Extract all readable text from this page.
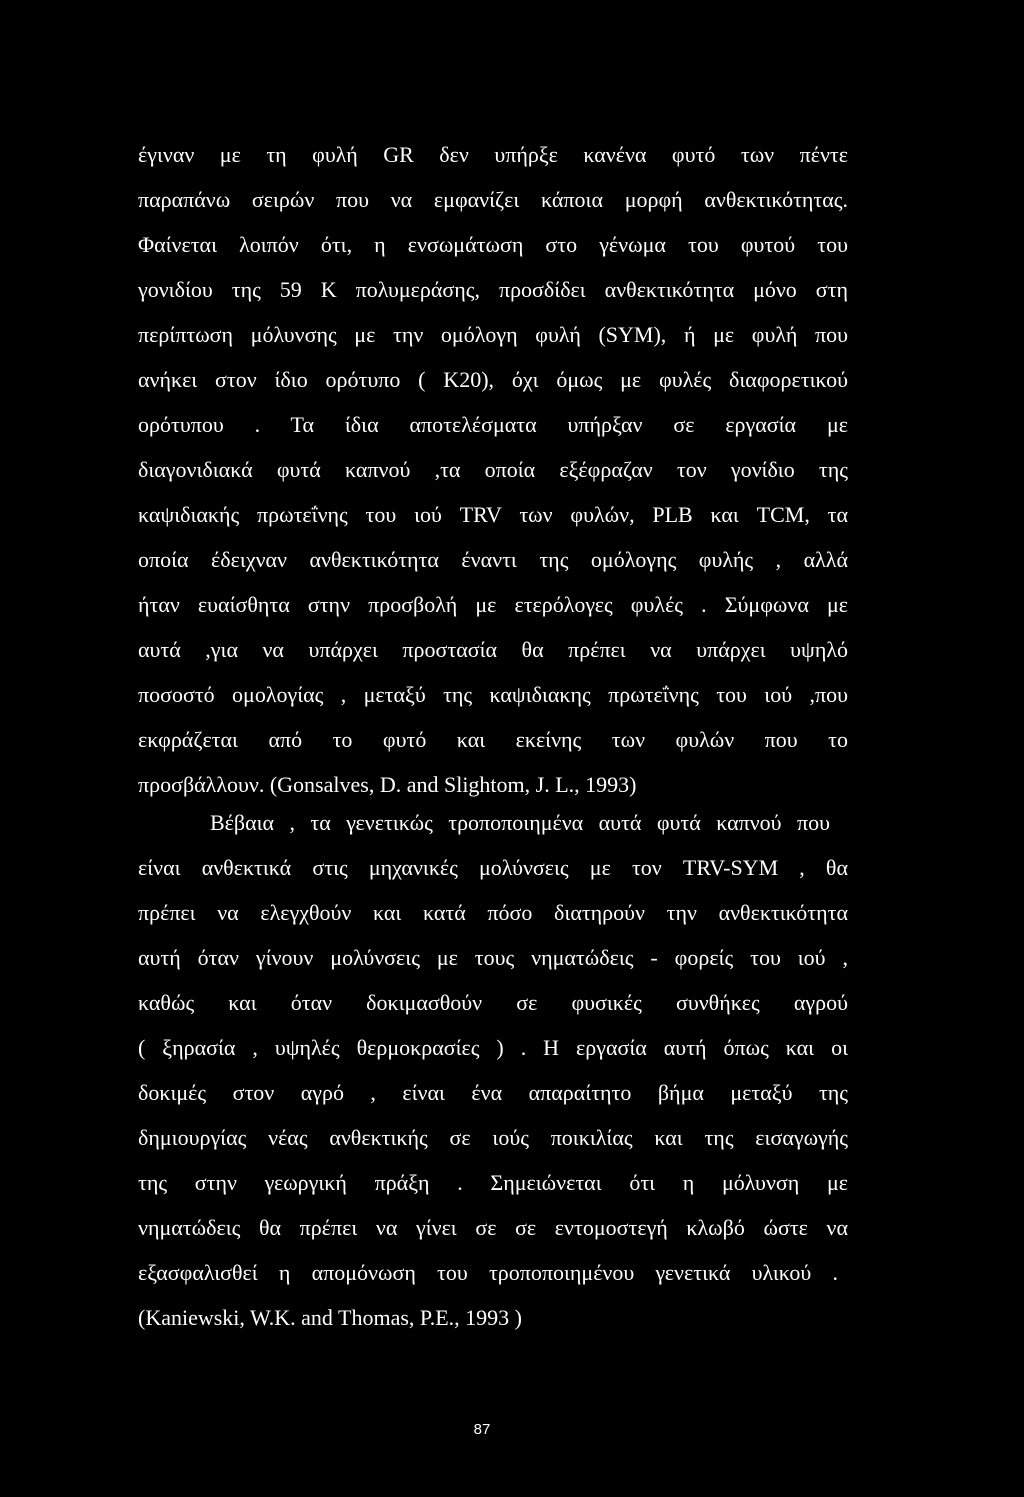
έγιναν με τη φυλή GR δεν υπήρξε κανένα φυτό των πέντε
παραπάνω σειρών που να εμφανίζει κάποια μορφή ανθεκτικότητας.
Φαίνεται λοιπόν ότι, η ενσωμάτωση στο γένωμα του φυτού του
γονιδίου της 59 Κ πολυμεράσης, προσδίδει ανθεκτικότητα μόνο στη
περίπτωση μόλυνσης με την ομόλογη φυλή (SYM), ή με φυλή που
ανήκει στον ίδιο ορότυπο ( Κ20), όχι όμως με φυλές διαφορετικού
ορότυπου . Τα ίδια αποτελέσματα υπήρξαν σε εργασία με
διαγονιδιακά φυτά καπνού ,τα οποία εξέφραζαν τον γονίδιο της
καψιδιακής πρωτεΐνης του ιού TRV των φυλών, PLB και TCM, τα
οποία έδειχναν ανθεκτικότητα έναντι της ομόλογης φυλής , αλλά
ήταν ευαίσθητα στην προσβολή με ετερόλογες φυλές . Σύμφωνα με
αυτά ,για να υπάρχει προστασία θα πρέπει να υπάρχει υψηλό
ποσοστό ομολογίας , μεταξύ της καψιδιακης πρωτεΐνης του ιού ,που
εκφράζεται από το φυτό και εκείνης των φυλών που το
προσβάλλουν. (Gonsalves, D. and Slightom, J. L., 1993)
Βέβαια , τα γενετικώς τροποποιημένα αυτά φυτά καπνού που
είναι ανθεκτικά στις μηχανικές μολύνσεις με τον TRV-SYM , θα
πρέπει να ελεγχθούν και κατά πόσο διατηρούν την ανθεκτικότητα
αυτή όταν γίνουν μολύνσεις με τους νηματώδεις - φορείς του ιού ,
καθώς και όταν δοκιμασθούν σε φυσικές συνθήκες αγρού
( ξηρασία , υψηλές θερμοκρασίες ) . Η εργασία αυτή όπως και οι
δοκιμές στον αγρό , είναι ένα απαραίτητο βήμα μεταξύ της
δημιουργίας νέας ανθεκτικής σε ιούς ποικιλίας και της εισαγωγής
της στην γεωργική πράξη . Σημειώνεται ότι η μόλυνση με
νηματώδεις θα πρέπει να γίνει σε σε εντομοστεγή κλωβό ώστε να
εξασφαλισθεί η απομόνωση του τροποποιημένου γενετικά υλικού .
(Kaniewski, W.K. and Thomas, P.E., 1993 )
87
